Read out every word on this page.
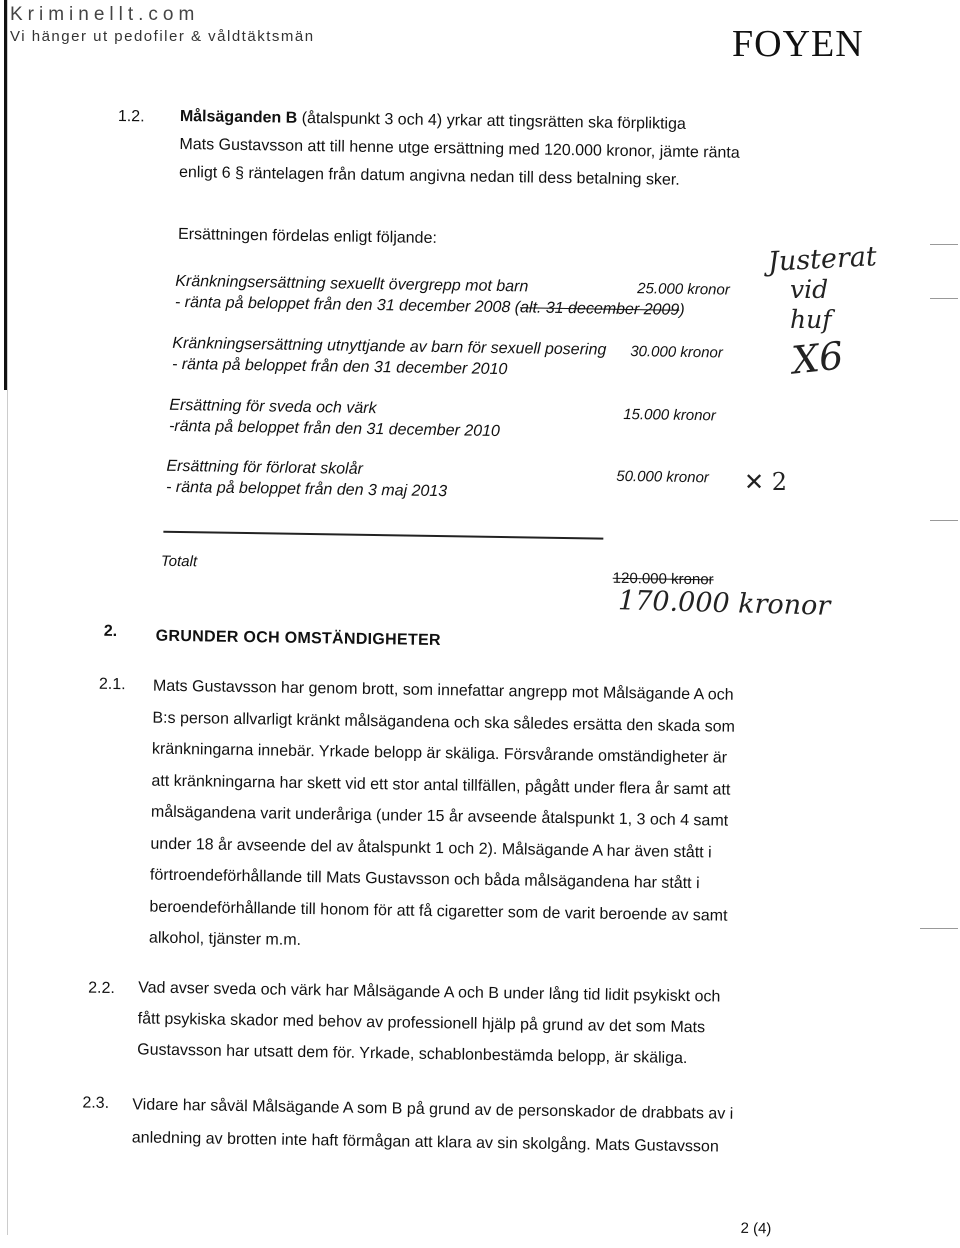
Kriminellt.com
Vi hänger ut pedofiler & våldtäktsmän	FOYEN
1.2. Målsäganden B (åtalspunkt 3 och 4) yrkar att tingsrätten ska förpliktiga
Mats Gustavsson att till henne utge ersättning med 120.000 kronor, jämte ränta
enligt 6 § räntelagen från datum angivna nedan till dess betalning sker.
Ersättningen fördelas enligt följande:
Kränkningsersättning sexuellt övergrepp mot barn
- ränta på beloppet från den 31 december 2008 (alt. 31 december 2009)
25.000 kronor
Kränkningsersättning utnyttjande av barn för sexuell posering
- ränta på beloppet från den 31 december 2010
30.000 kronor
Ersättning för sveda och värk
-ränta på beloppet från den 31 december 2010
15.000 kronor
Ersättning för förlorat skolår
- ränta på beloppet från den 3 maj 2013
50.000 kronor
Totalt
120.000 kronor
2. GRUNDER OCH OMSTÄNDIGHETER
2.1. Mats Gustavsson har genom brott, som innefattar angrepp mot Målsägande A och
B:s person allvarligt kränkt målsägandena och ska således ersätta den skada som
kränkningarna innebär. Yrkade belopp är skäliga. Försvårande omständigheter är
att kränkningarna har skett vid ett stor antal tillfällen, pågått under flera år samt att
målsägandena varit underåriga (under 15 år avseende åtalspunkt 1, 3 och 4 samt
under 18 år avseende del av åtalspunkt 1 och 2). Målsägande A har även stått i
förtroendeförhållande till Mats Gustavsson och båda målsägandena har stått i
beroendeförhållande till honom för att få cigaretter som de varit beroende av samt
alkohol, tjänster m.m.
2.2. Vad avser sveda och värk har Målsägande A och B under lång tid lidit psykiskt och
fått psykiska skador med behov av professionell hjälp på grund av det som Mats
Gustavsson har utsatt dem för. Yrkade, schablonbestämda belopp, är skäliga.
2.3. Vidare har såväl Målsägande A som B på grund av de personskador de drabbats av i
anledning av brotten inte haft förmågan att klara av sin skolgång. Mats Gustavsson
2 (4)
Justerat
vid
huf
X6
✕ 2
170.000 kronor
